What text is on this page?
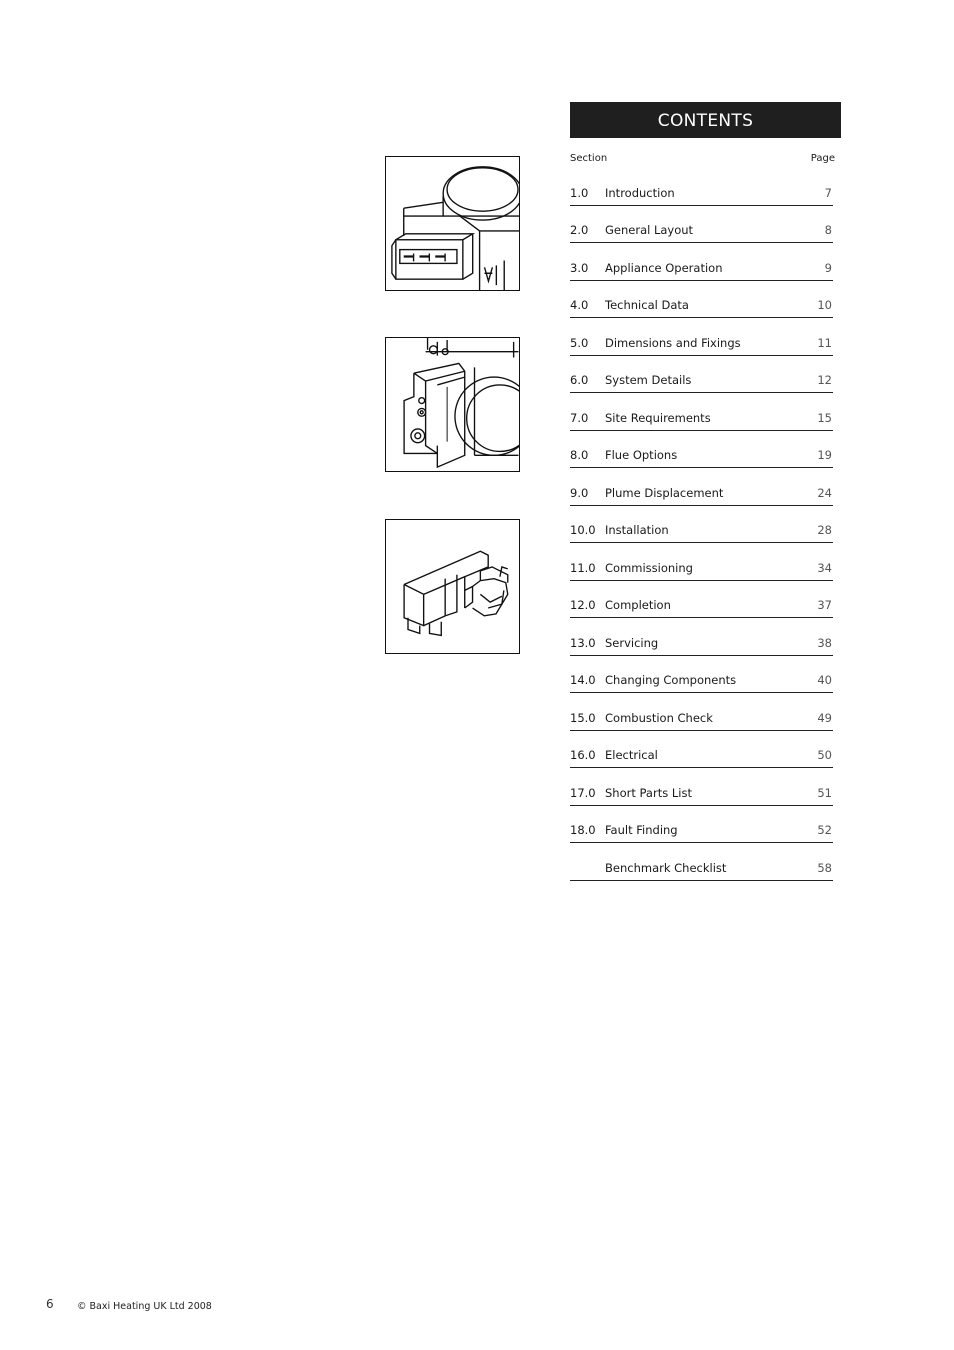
CONTENTS
Section	Page
1.0 Introduction	7
2.0 General Layout	8
3.0 Appliance Operation	9
4.0 Technical Data	10
5.0 Dimensions and Fixings	11
6.0 System Details	12
7.0 Site Requirements	15
8.0 Flue Options	19
9.0 Plume Displacement	24
10.0 Installation	28
11.0 Commissioning	34
12.0 Completion	37
13.0 Servicing	38
14.0 Changing Components	40
15.0 Combustion Check	49
16.0 Electrical	50
17.0 Short Parts List	51
18.0 Fault Finding	52
Benchmark Checklist	58
6 © Baxi Heating UK Ltd 2008
